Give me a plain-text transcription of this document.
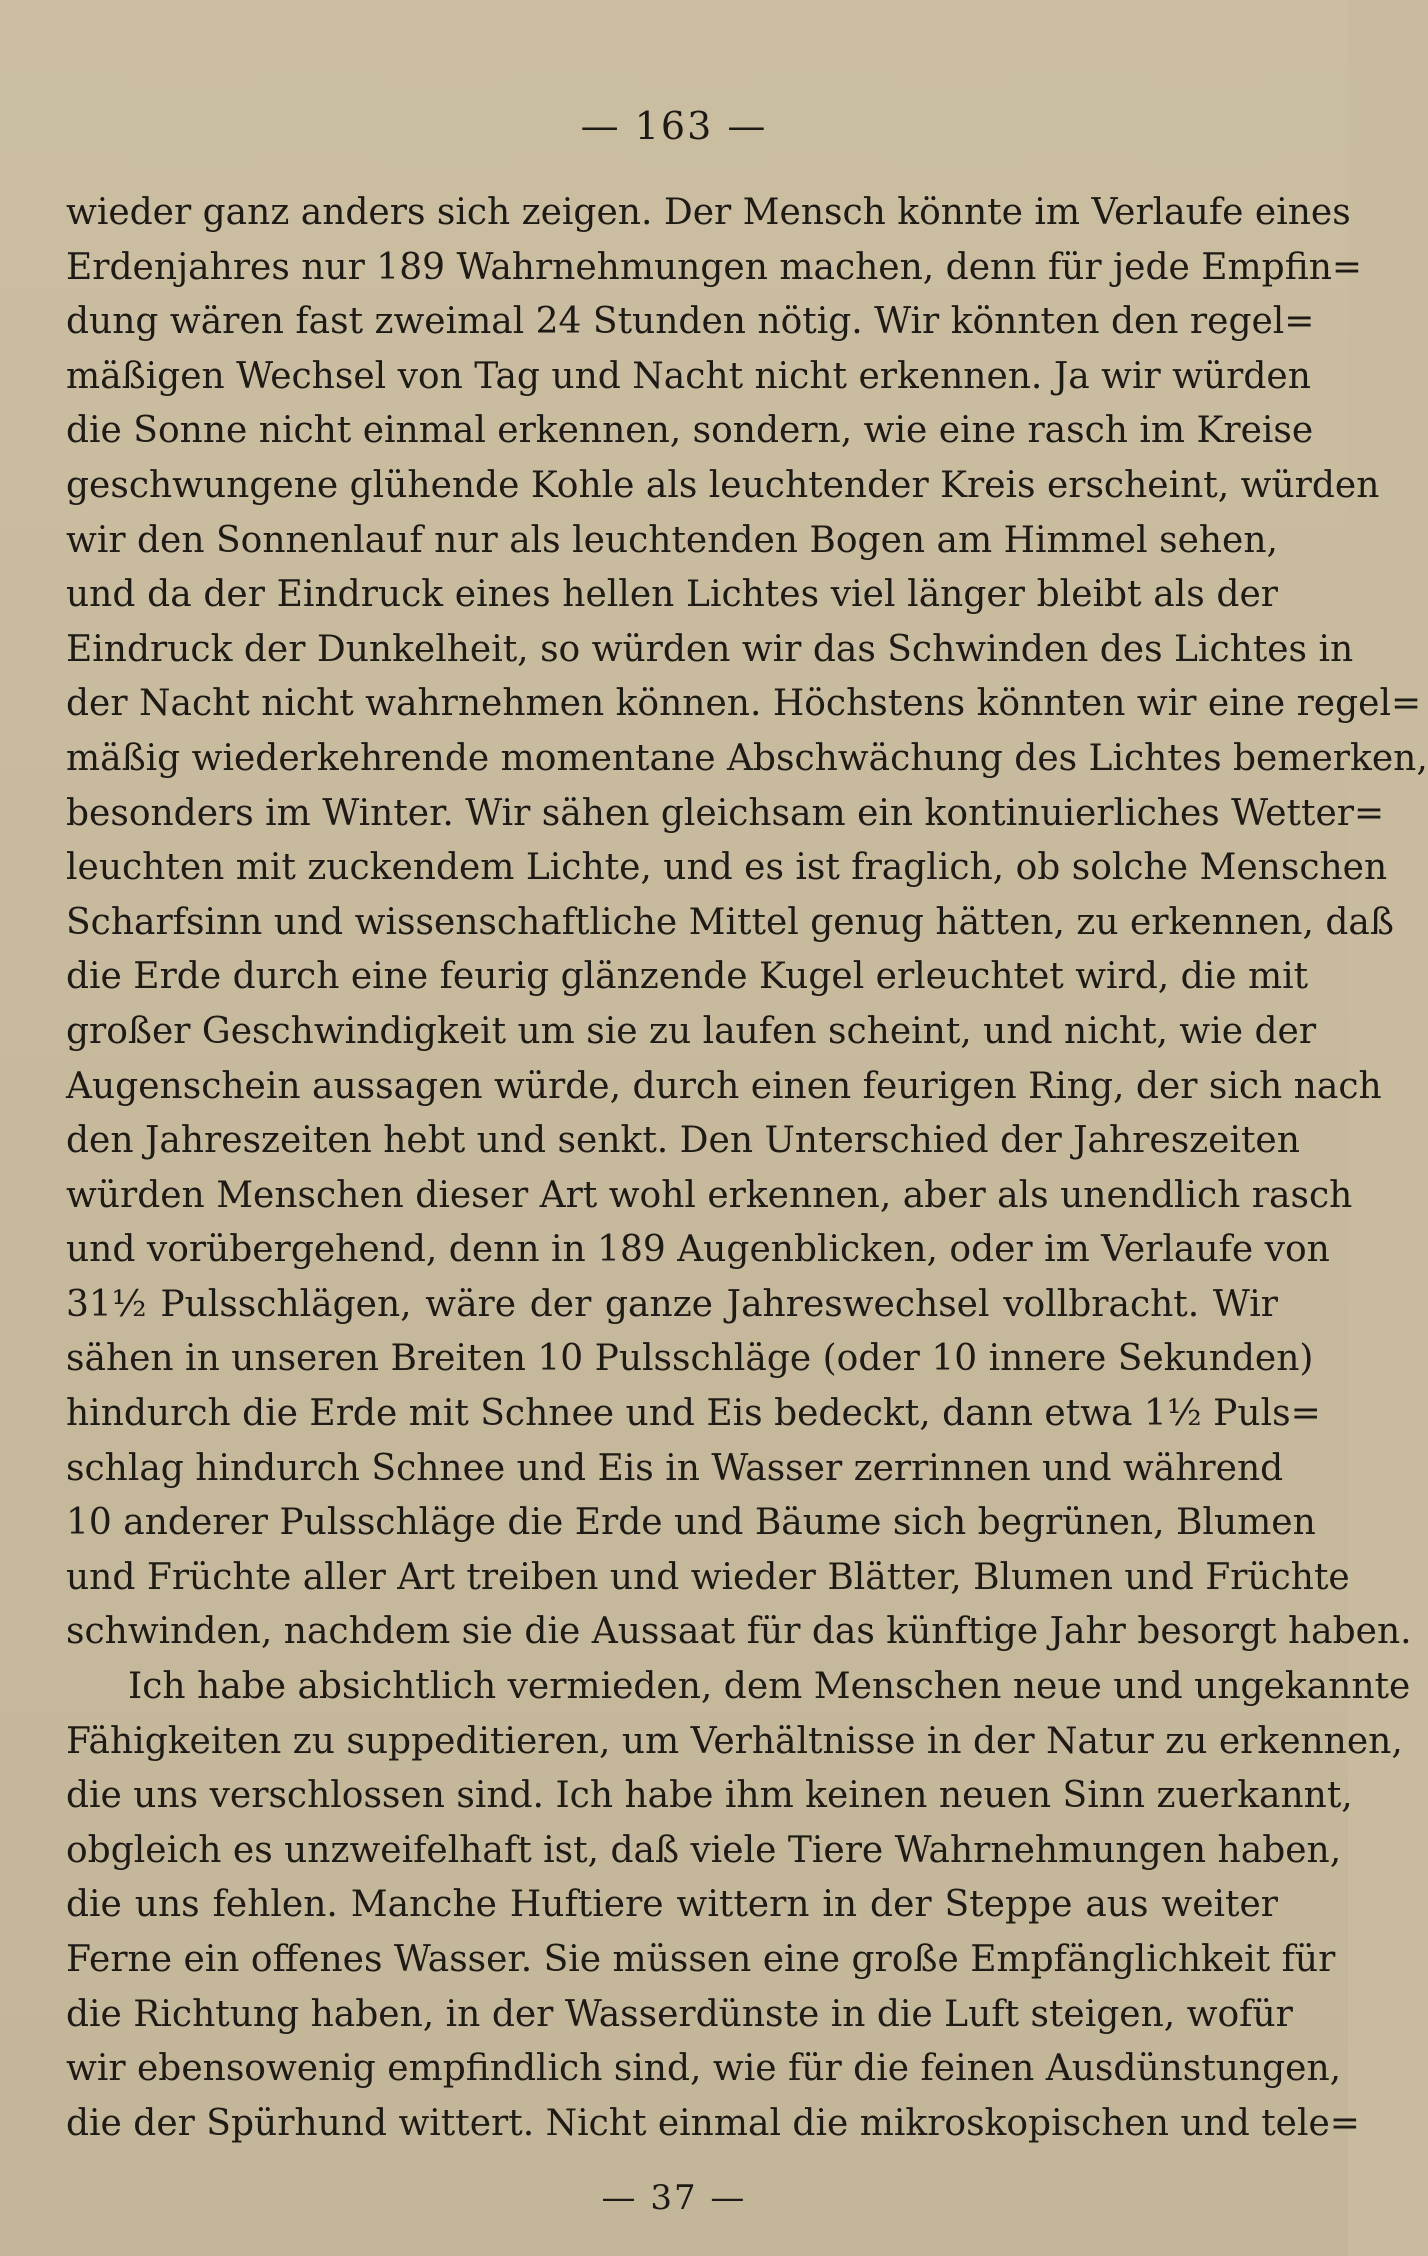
— 163 —
wieder ganz anders sich zeigen. Der Mensch könnte im Verlaufe eines
Erdenjahres nur 189 Wahrnehmungen machen, denn für jede Empfin=
dung wären fast zweimal 24 Stunden nötig. Wir könnten den regel=
mäßigen Wechsel von Tag und Nacht nicht erkennen. Ja wir würden
die Sonne nicht einmal erkennen, sondern, wie eine rasch im Kreise
geschwungene glühende Kohle als leuchtender Kreis erscheint, würden
wir den Sonnenlauf nur als leuchtenden Bogen am Himmel sehen,
und da der Eindruck eines hellen Lichtes viel länger bleibt als der
Eindruck der Dunkelheit, so würden wir das Schwinden des Lichtes in
der Nacht nicht wahrnehmen können. Höchstens könnten wir eine regel=
mäßig wiederkehrende momentane Abschwächung des Lichtes bemerken,
besonders im Winter. Wir sähen gleichsam ein kontinuierliches Wetter=
leuchten mit zuckendem Lichte, und es ist fraglich, ob solche Menschen
Scharfsinn und wissenschaftliche Mittel genug hätten, zu erkennen, daß
die Erde durch eine feurig glänzende Kugel erleuchtet wird, die mit
großer Geschwindigkeit um sie zu laufen scheint, und nicht, wie der
Augenschein aussagen würde, durch einen feurigen Ring, der sich nach
den Jahreszeiten hebt und senkt. Den Unterschied der Jahreszeiten
würden Menschen dieser Art wohl erkennen, aber als unendlich rasch
und vorübergehend, denn in 189 Augenblicken, oder im Verlaufe von
31½ Pulsschlägen, wäre der ganze Jahreswechsel vollbracht. Wir
sähen in unseren Breiten 10 Pulsschläge (oder 10 innere Sekunden)
hindurch die Erde mit Schnee und Eis bedeckt, dann etwa 1½ Puls=
schlag hindurch Schnee und Eis in Wasser zerrinnen und während
10 anderer Pulsschläge die Erde und Bäume sich begrünen, Blumen
und Früchte aller Art treiben und wieder Blätter, Blumen und Früchte
schwinden, nachdem sie die Aussaat für das künftige Jahr besorgt haben.
Ich habe absichtlich vermieden, dem Menschen neue und ungekannte
Fähigkeiten zu suppeditieren, um Verhältnisse in der Natur zu erkennen,
die uns verschlossen sind. Ich habe ihm keinen neuen Sinn zuerkannt,
obgleich es unzweifelhaft ist, daß viele Tiere Wahrnehmungen haben,
die uns fehlen. Manche Huftiere wittern in der Steppe aus weiter
Ferne ein offenes Wasser. Sie müssen eine große Empfänglichkeit für
die Richtung haben, in der Wasserdünste in die Luft steigen, wofür
wir ebensowenig empfindlich sind, wie für die feinen Ausdünstungen,
die der Spürhund wittert. Nicht einmal die mikroskopischen und tele=
— 37 —
